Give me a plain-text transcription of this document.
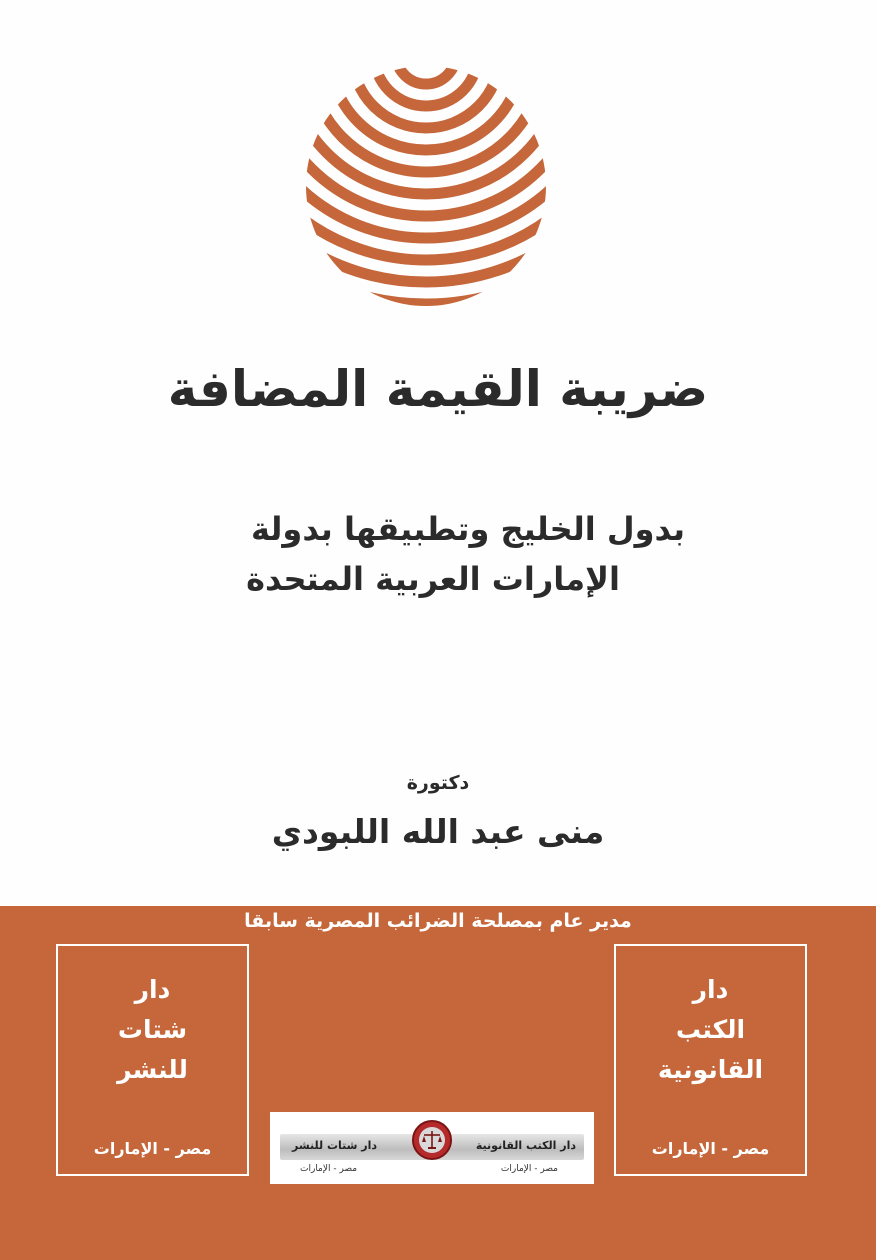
ضريبة القيمة المضافة
بدول الخليج وتطبيقها بدولة
الإمارات العربية المتحدة
دكتورة
منى عبد الله اللبودي
مدير عام بمصلحة الضرائب المصرية سابقا
دار
الكتب
القانونية
مصر - الإمارات
دار
شتات
للنشر
مصر - الإمارات	دار الكتب القانونية
دار شتات للنشر
مصر - الإمارات
مصر - الإمارات
